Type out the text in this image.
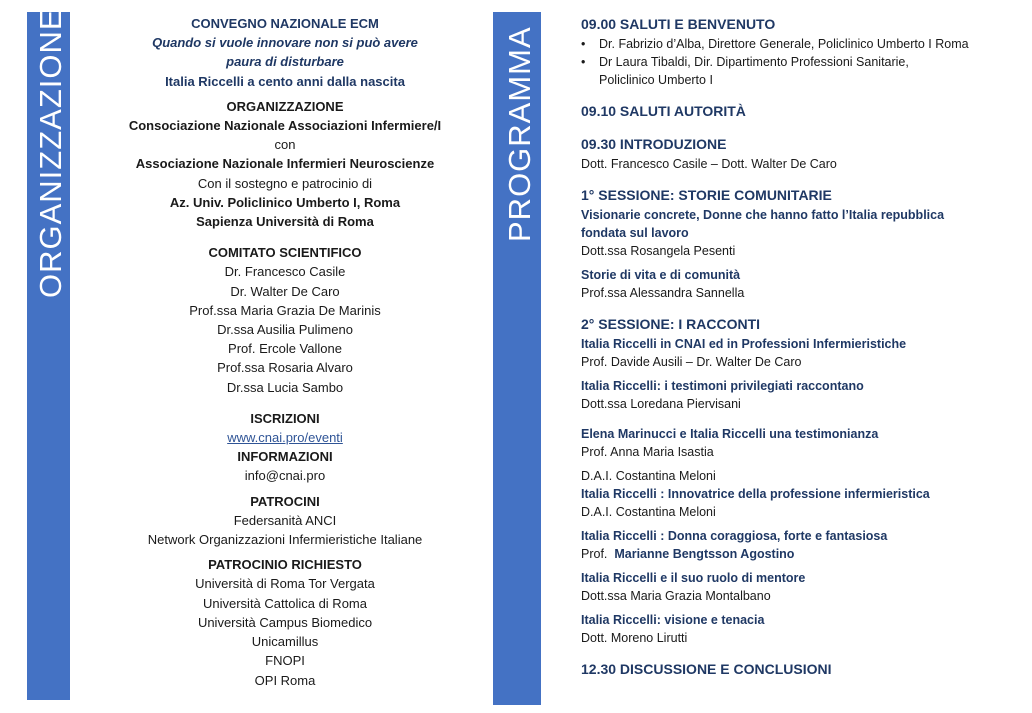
ORGANIZZAZIONE	PROGRAMMA
CONVEGNO NAZIONALE ECM
Quando si vuole innovare non si può avere
paura di disturbare
Italia Riccelli a cento anni dalla nascita
ORGANIZZAZIONE
Consociazione Nazionale Associazioni Infermiere/I
con
Associazione Nazionale Infermieri Neuroscienze
Con il sostegno e patrocinio di
Az. Univ. Policlinico Umberto I, Roma
Sapienza Università di Roma
COMITATO SCIENTIFICO
Dr. Francesco Casile
Dr. Walter De Caro
Prof.ssa Maria Grazia De Marinis
Dr.ssa Ausilia Pulimeno
Prof. Ercole Vallone
Prof.ssa Rosaria Alvaro
Dr.ssa Lucia Sambo
ISCRIZIONI
www.cnai.pro/eventi
INFORMAZIONI
info@cnai.pro
PATROCINI
Federsanità ANCI
Network Organizzazioni Infermieristiche Italiane
PATROCINIO RICHIESTO
Università di Roma Tor Vergata
Università Cattolica di Roma
Università Campus Biomedico
Unicamillus
FNOPI
OPI Roma
09.00 SALUTI E BENVENUTO
• Dr. Fabrizio d’Alba, Direttore Generale, Policlinico Umberto I Roma
• Dr Laura Tibaldi, Dir. Dipartimento Professioni Sanitarie,
Policlinico Umberto I
09.10 SALUTI AUTORITÀ
09.30 INTRODUZIONE
Dott. Francesco Casile – Dott. Walter De Caro
1° SESSIONE: STORIE COMUNITARIE
Visionarie concrete, Donne che hanno fatto l’Italia repubblica
fondata sul lavoro
Dott.ssa Rosangela Pesenti
Storie di vita e di comunità
Prof.ssa Alessandra Sannella
2° SESSIONE: I RACCONTI
Italia Riccelli in CNAI ed in Professioni Infermieristiche
Prof. Davide Ausili – Dr. Walter De Caro
Italia Riccelli: i testimoni privilegiati raccontano
Dott.ssa Loredana Piervisani
Elena Marinucci e Italia Riccelli una testimonianza
Prof. Anna Maria Isastia
D.A.I. Costantina Meloni
Italia Riccelli : Innovatrice della professione infermieristica
D.A.I. Costantina Meloni
Italia Riccelli : Donna coraggiosa, forte e fantasiosa
Prof.  Marianne Bengtsson Agostino
Italia Riccelli e il suo ruolo di mentore
Dott.ssa Maria Grazia Montalbano
Italia Riccelli: visione e tenacia
Dott. Moreno Lirutti
12.30 DISCUSSIONE E CONCLUSIONI
